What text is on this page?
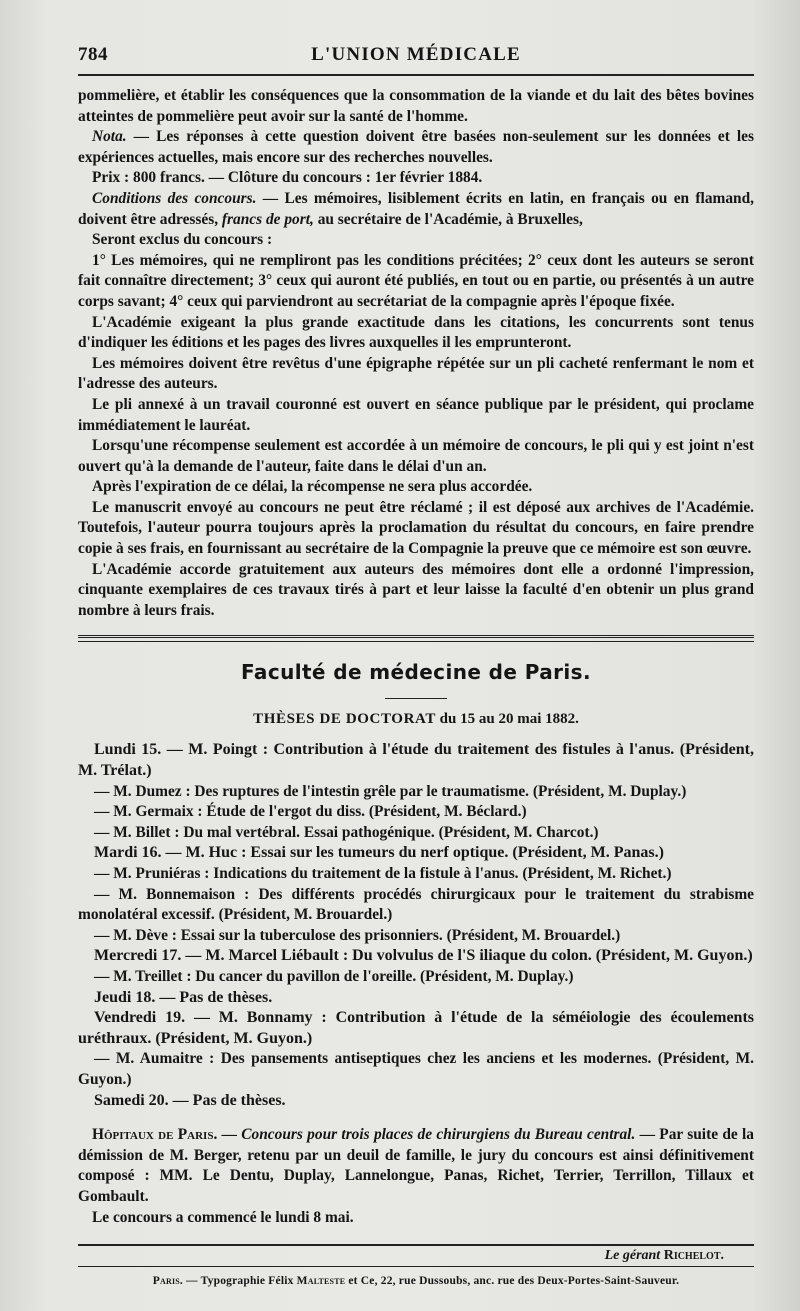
784	L'UNION MÉDICALE

pommelière, et établir les conséquences que la consommation de la viande et du lait des bêtes bovines atteintes de pommelière peut avoir sur la santé de l'homme.

Nota. — Les réponses à cette question doivent être basées non-seulement sur les données et les expériences actuelles, mais encore sur des recherches nouvelles.

Prix : 800 francs. — Clôture du concours : 1er février 1884.

Conditions des concours. — Les mémoires, lisiblement écrits en latin, en français ou en flamand, doivent être adressés, francs de port, au secrétaire de l'Académie, à Bruxelles,

Seront exclus du concours :

1° Les mémoires, qui ne rempliront pas les conditions précitées; 2° ceux dont les auteurs se seront fait connaître directement; 3° ceux qui auront été publiés, en tout ou en partie, ou présentés à un autre corps savant; 4° ceux qui parviendront au secrétariat de la compagnie après l'époque fixée.

L'Académie exigeant la plus grande exactitude dans les citations, les concurrents sont tenus d'indiquer les éditions et les pages des livres auxquelles il les emprunteront.

Les mémoires doivent être revêtus d'une épigraphe répétée sur un pli cacheté renfermant le nom et l'adresse des auteurs.

Le pli annexé à un travail couronné est ouvert en séance publique par le président, qui proclame immédiatement le lauréat.

Lorsqu'une récompense seulement est accordée à un mémoire de concours, le pli qui y est joint n'est ouvert qu'à la demande de l'auteur, faite dans le délai d'un an.

Après l'expiration de ce délai, la récompense ne sera plus accordée.

Le manuscrit envoyé au concours ne peut être réclamé ; il est déposé aux archives de l'Académie. Toutefois, l'auteur pourra toujours après la proclamation du résultat du concours, en faire prendre copie à ses frais, en fournissant au secrétaire de la Compagnie la preuve que ce mémoire est son œuvre.

L'Académie accorde gratuitement aux auteurs des mémoires dont elle a ordonné l'impression, cinquante exemplaires de ces travaux tirés à part et leur laisse la faculté d'en obtenir un plus grand nombre à leurs frais.

Faculté de médecine de Paris.
THÈSES DE DOCTORAT du 15 au 20 mai 1882.

Lundi 15. — M. Poingt : Contribution à l'étude du traitement des fistules à l'anus. (Président, M. Trélat.)

— M. Dumez : Des ruptures de l'intestin grêle par le traumatisme. (Président, M. Duplay.)

— M. Germaix : Étude de l'ergot du diss. (Président, M. Béclard.)

— M. Billet : Du mal vertébral. Essai pathogénique. (Président, M. Charcot.)

Mardi 16. — M. Huc : Essai sur les tumeurs du nerf optique. (Président, M. Panas.)

— M. Pruniéras : Indications du traitement de la fistule à l'anus. (Président, M. Richet.)

— M. Bonnemaison : Des différents procédés chirurgicaux pour le traitement du strabisme monolatéral excessif. (Président, M. Brouardel.)

— M. Dève : Essai sur la tuberculose des prisonniers. (Président, M. Brouardel.)

Mercredi 17. — M. Marcel Liébault : Du volvulus de l'S iliaque du colon. (Président, M. Guyon.)

— M. Treillet : Du cancer du pavillon de l'oreille. (Président, M. Duplay.)

Jeudi 18. — Pas de thèses.

Vendredi 19. — M. Bonnamy : Contribution à l'étude de la séméiologie des écoulements uréthraux. (Président, M. Guyon.)

— M. Aumaitre : Des pansements antiseptiques chez les anciens et les modernes. (Président, M. Guyon.)

Samedi 20. — Pas de thèses.

Hôpitaux de Paris. — Concours pour trois places de chirurgiens du Bureau central. — Par suite de la démission de M. Berger, retenu par un deuil de famille, le jury du concours est ainsi définitivement composé : MM. Le Dentu, Duplay, Lannelongue, Panas, Richet, Terrier, Terrillon, Tillaux et Gombault.

Le concours a commencé le lundi 8 mai.

Le gérant Richelot.
Paris. — Typographie Félix Malteste et Ce, 22, rue Dussoubs, anc. rue des Deux-Portes-Saint-Sauveur.
